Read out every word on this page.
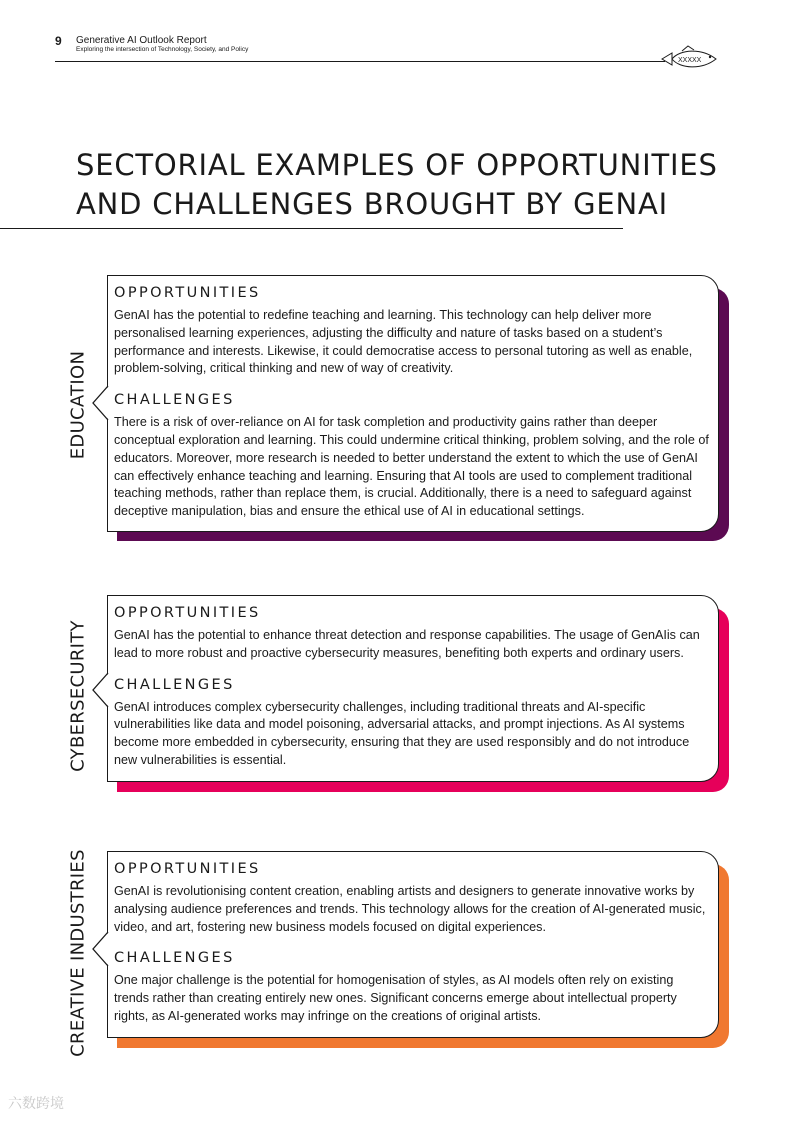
9 Generative AI Outlook Report
Exploring the intersection of Technology, Society, and Policy
XXXXX
SECTORIAL EXAMPLES OF OPPORTUNITIES
AND CHALLENGES BROUGHT BY GENAI
EDUCATION

OPPORTUNITIES

GenAI has the potential to redefine teaching and learning. This technology can help deliver more personalised learning experiences, adjusting the difficulty and nature of tasks based on a student’s performance and interests. Likewise, it could democratise access to personal tutoring as well as enable, problem-solving, critical thinking and new of way of creativity.

CHALLENGES

There is a risk of over-reliance on AI for task completion and productivity gains rather than deeper conceptual exploration and learning. This could undermine critical thinking, problem solving, and the role of educators. Moreover, more research is needed to better understand the extent to which the use of GenAI can effectively enhance teaching and learning. Ensuring that AI tools are used to complement traditional teaching methods, rather than replace them, is crucial. Additionally, there is a need to safeguard against deceptive manipulation, bias and ensure the ethical use of AI in educational settings.

CYBERSECURITY

OPPORTUNITIES

GenAI has the potential to enhance threat detection and response capabilities. The usage of GenAIis can lead to more robust and proactive cybersecurity measures, benefiting both experts and ordinary users.

CHALLENGES

GenAI introduces complex cybersecurity challenges, including traditional threats and AI-specific vulnerabilities like data and model poisoning, adversarial attacks, and prompt injections. As AI systems become more embedded in cybersecurity, ensuring that they are used responsibly and do not introduce new vulnerabilities is essential.

CREATIVE INDUSTRIES OPPORTUNITIES

GenAI is revolutionising content creation, enabling artists and designers to generate innovative works by analysing audience preferences and trends. This technology allows for the creation of AI-generated music, video, and art, fostering new business models focused on digital experiences.

CHALLENGES

One major challenge is the potential for homogenisation of styles, as AI models often rely on existing trends rather than creating entirely new ones. Significant concerns emerge about intellectual property rights, as AI-generated works may infringe on the creations of original artists.

六数跨境
